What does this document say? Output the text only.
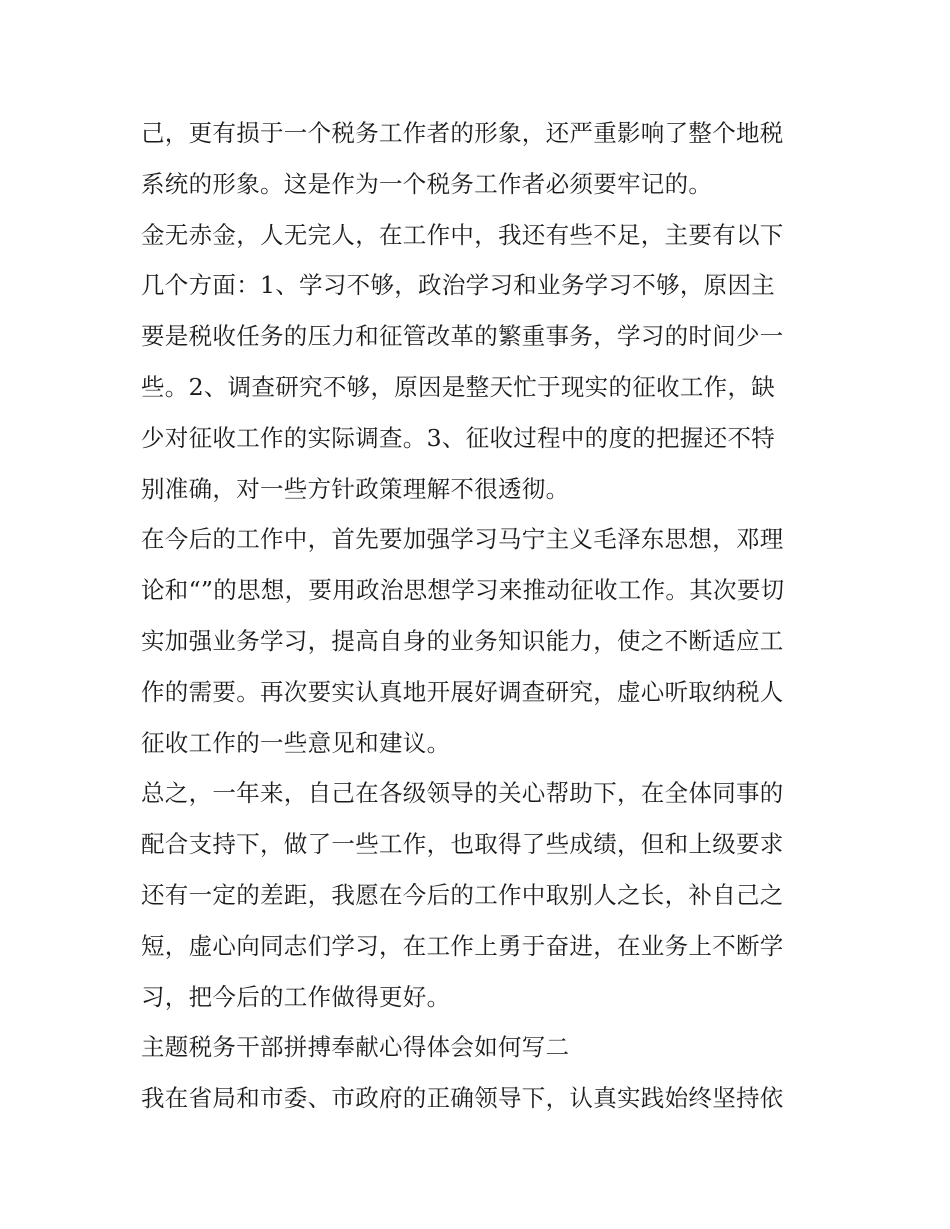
己，更有损于一个税务工作者的形象，还严重影响了整个地税
系统的形象。这是作为一个税务工作者必须要牢记的。
金无赤金，人无完人，在工作中，我还有些不足，主要有以下
几个方面：1、学习不够，政治学习和业务学习不够，原因主
要是税收任务的压力和征管改革的繁重事务，学习的时间少一
些。2、调查研究不够，原因是整天忙于现实的征收工作，缺
少对征收工作的实际调查。3、征收过程中的度的把握还不特
别准确，对一些方针政策理解不很透彻。
在今后的工作中，首先要加强学习马宁主义毛泽东思想，邓理
论和“”的思想，要用政治思想学习来推动征收工作。其次要切
实加强业务学习，提高自身的业务知识能力，使之不断适应工
作的需要。再次要实认真地开展好调查研究，虚心听取纳税人
征收工作的一些意见和建议。
总之，一年来，自己在各级领导的关心帮助下，在全体同事的
配合支持下，做了一些工作，也取得了些成绩，但和上级要求
还有一定的差距，我愿在今后的工作中取别人之长，补自己之
短，虚心向同志们学习，在工作上勇于奋进，在业务上不断学
习，把今后的工作做得更好。
主题税务干部拼搏奉献心得体会如何写二
我在省局和市委、市政府的正确领导下，认真实践始终坚持依
